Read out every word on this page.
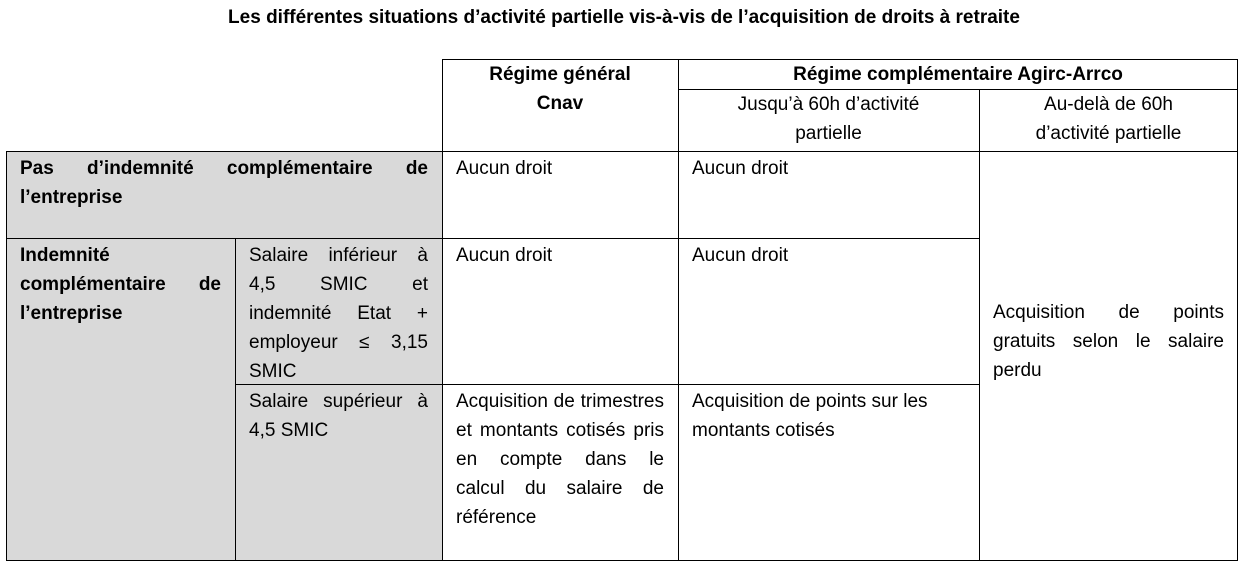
Les différentes situations d’activité partielle vis-à-vis de l’acquisition de droits à retraite
Régime général Cnav
Régime complémentaire Agirc-Arrco
Jusqu’à 60h d’activité partielle
Au-delà de 60h d’activité partielle
Pas d’indemnité complémentaire de l’entreprise
Aucun droit	Aucun droit
Acquisition de points gratuits selon le salaire perdu
Indemnité complémentaire de l’entreprise
Salaire inférieur à 4,5 SMIC et indemnité Etat + employeur ≤ 3,15 SMIC
Aucun droit	Aucun droit
Salaire supérieur à 4,5 SMIC
Acquisition de trimestres et montants cotisés pris en compte dans le calcul du salaire de référence
Acquisition de points sur les montants cotisés
